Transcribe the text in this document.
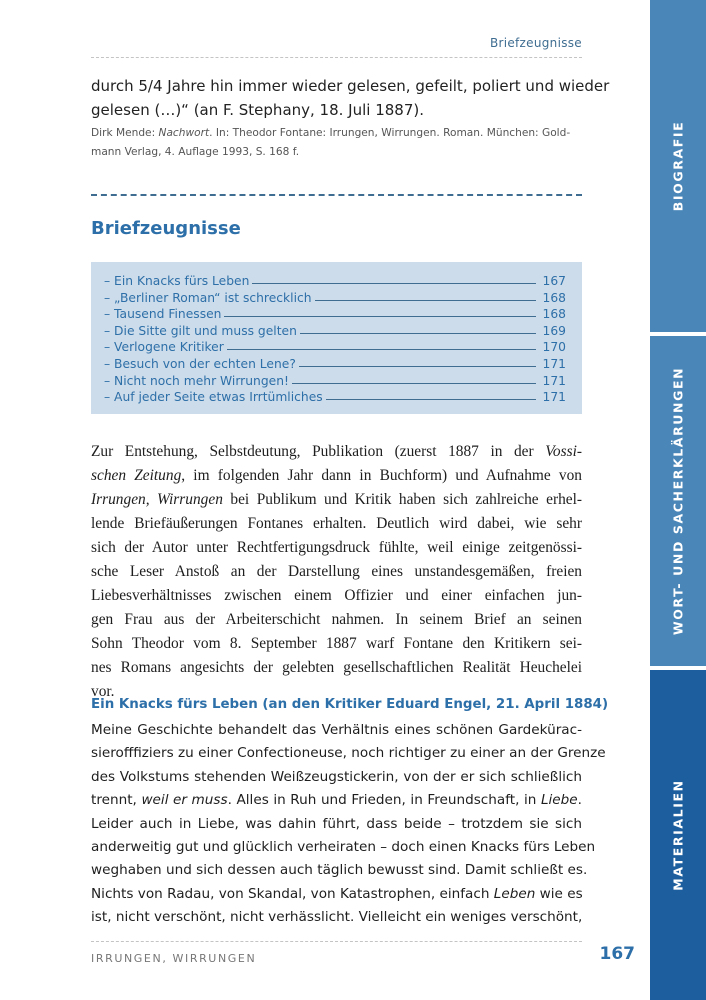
Briefzeugnisse
durch 5/4 Jahre hin immer wieder gelesen, gefeilt, poliert und wieder
gelesen (…)“ (an F. Stephany, 18. Juli 1887).
Dirk Mende: Nachwort. In: Theodor Fontane: Irrungen, Wirrungen. Roman. München: Gold-
mann Verlag, 4. Auflage 1993, S. 168 f.
Briefzeugnisse
– Ein Knacks fürs Leben	167
– „Berliner Roman“ ist schrecklich	168
– Tausend Finessen	168
– Die Sitte gilt und muss gelten	169
– Verlogene Kritiker	170
– Besuch von der echten Lene?	171
– Nicht noch mehr Wirrungen!	171
– Auf jeder Seite etwas Irrtümliches	171
Zur Entstehung, Selbstdeutung, Publikation (zuerst 1887 in der Vossi-
schen Zeitung, im folgenden Jahr dann in Buchform) und Aufnahme von
Irrungen, Wirrungen bei Publikum und Kritik haben sich zahlreiche erhel-
lende Briefäußerungen Fontanes erhalten. Deutlich wird dabei, wie sehr
sich der Autor unter Rechtfertigungsdruck fühlte, weil einige zeitgenössi-
sche Leser Anstoß an der Darstellung eines unstandesgemäßen, freien
Liebesverhältnisses zwischen einem Offizier und einer einfachen jun-
gen Frau aus der Arbeiterschicht nahmen. In seinem Brief an seinen
Sohn Theodor vom 8. September 1887 warf Fontane den Kritikern sei-
nes Romans angesichts der gelebten gesellschaftlichen Realität Heuchelei
vor.
Ein Knacks fürs Leben (an den Kritiker Eduard Engel, 21. April 1884)
Meine Geschichte behandelt das Verhältnis eines schönen Gardekürас-
sierofffiziers zu einer Confectioneuse, noch richtiger zu einer an der Grenze
des Volkstums stehenden Weißzeugstickerin, von der er sich schließlich
trennt, weil er muss. Alles in Ruh und Frieden, in Freundschaft, in Liebe.
Leider auch in Liebe, was dahin führt, dass beide – trotzdem sie sich
anderweitig gut und glücklich verheiraten – doch einen Knacks fürs Leben
weghaben und sich dessen auch täglich bewusst sind. Damit schließt es.
Nichts von Radau, von Skandal, von Katastrophen, einfach Leben wie es
ist, nicht verschönt, nicht verhässlicht. Vielleicht ein weniges verschönt,
IRRUNGEN, WIRRUNGEN	167
BIOGRAFIE
WORT- UND SACHERKLÄRUNGEN
MATERIALIEN
